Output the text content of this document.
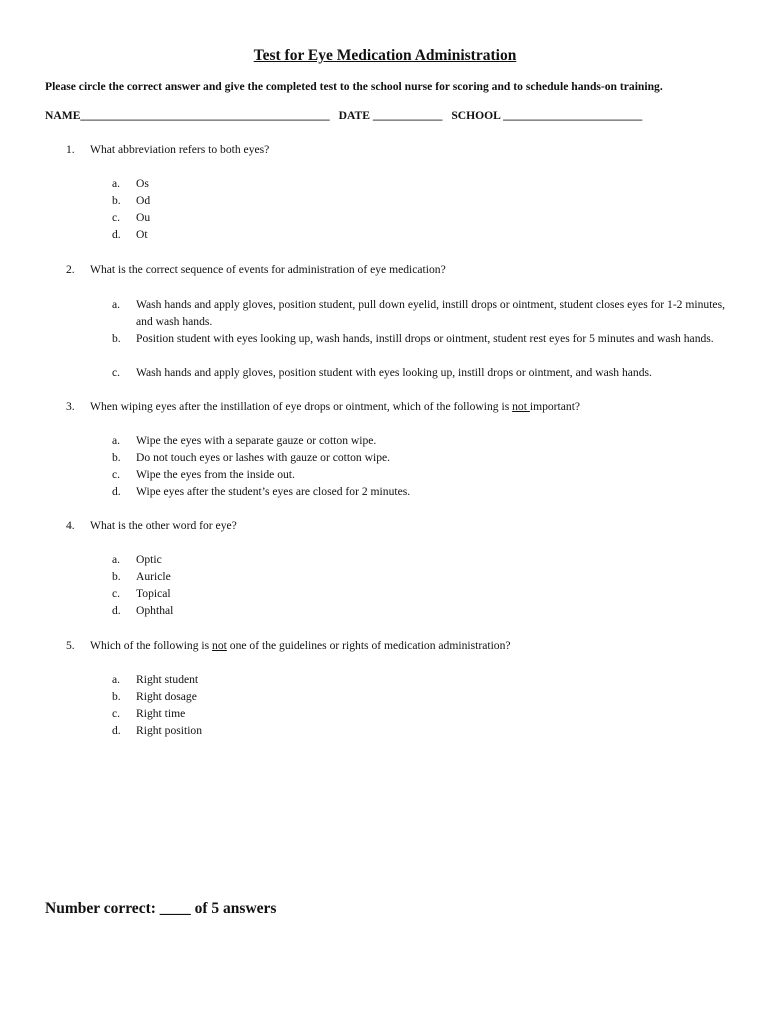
Test for Eye Medication Administration
Please circle the correct answer and give the completed test to the school nurse for scoring and to schedule hands-on training.
NAME___________________________________________ DATE ____________ SCHOOL ________________________
1. What abbreviation refers to both eyes?
a. Os
b. Od
c. Ou
d. Ot
2. What is the correct sequence of events for administration of eye medication?
a. Wash hands and apply gloves, position student, pull down eyelid, instill drops or ointment, student closes eyes for 1-2 minutes, and wash hands.
b. Position student with eyes looking up, wash hands, instill drops or ointment, student rest eyes for 5 minutes and wash hands.
c. Wash hands and apply gloves, position student with eyes looking up, instill drops or ointment, and wash hands.
3. When wiping eyes after the instillation of eye drops or ointment, which of the following is not important?
a. Wipe the eyes with a separate gauze or cotton wipe.
b. Do not touch eyes or lashes with gauze or cotton wipe.
c. Wipe the eyes from the inside out.
d. Wipe eyes after the student’s eyes are closed for 2 minutes.
4. What is the other word for eye?
a. Optic
b. Auricle
c. Topical
d. Ophthal
5. Which of the following is not one of the guidelines or rights of medication administration?
a. Right student
b. Right dosage
c. Right time
d. Right position
Number correct: ____ of 5 answers
